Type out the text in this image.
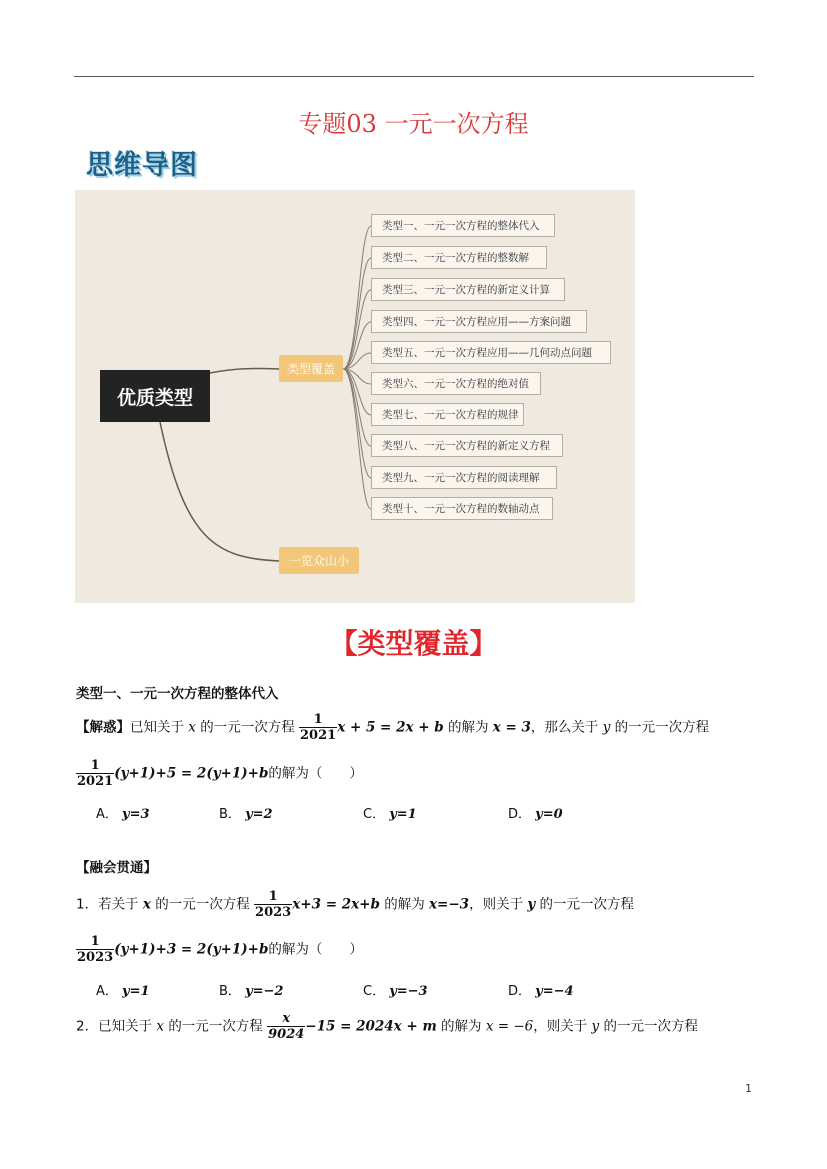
专题03 一元一次方程
思维导图
优质类型
类型覆盖
一览众山小
类型一、一元一次方程的整体代入
类型二、一元一次方程的整数解
类型三、一元一次方程的新定义计算
类型四、一元一次方程应用——方案问题
类型五、一元一次方程应用——几何动点问题
类型六、一元一次方程的绝对值
类型七、一元一次方程的规律
类型八、一元一次方程的新定义方程
类型九、一元一次方程的阅读理解
类型十、一元一次方程的数轴动点
【类型覆盖】
类型一、一元一次方程的整体代入
【解惑】已知关于 x 的一元一次方程 $\frac{1}{2021}$ x + 5 = 2x + b 的解为 x = 3，那么关于 y 的一元一次方程
$\frac{1}{2021} (y+1)+5 = 2(y+1)+b$的解为（　　）
A． y=3	B． y=2	C． y=1	D． y=0
【融会贯通】
1．若关于 x 的一元一次方程 $\frac{1}{2023} x+3 = 2x+b$ 的解为 x=−3，则关于 y 的一元一次方程
$\frac{1}{2023} (y+1)+3 = 2(y+1)+b$的解为（　　）
A． y=1	B． y=−2	C． y=−3	D． y=−4
2．已知关于 x 的一元一次方程 $\frac{x}{9024} -15 = 2024x + m$ 的解为 x = −6，则关于 y 的一元一次方程
1
